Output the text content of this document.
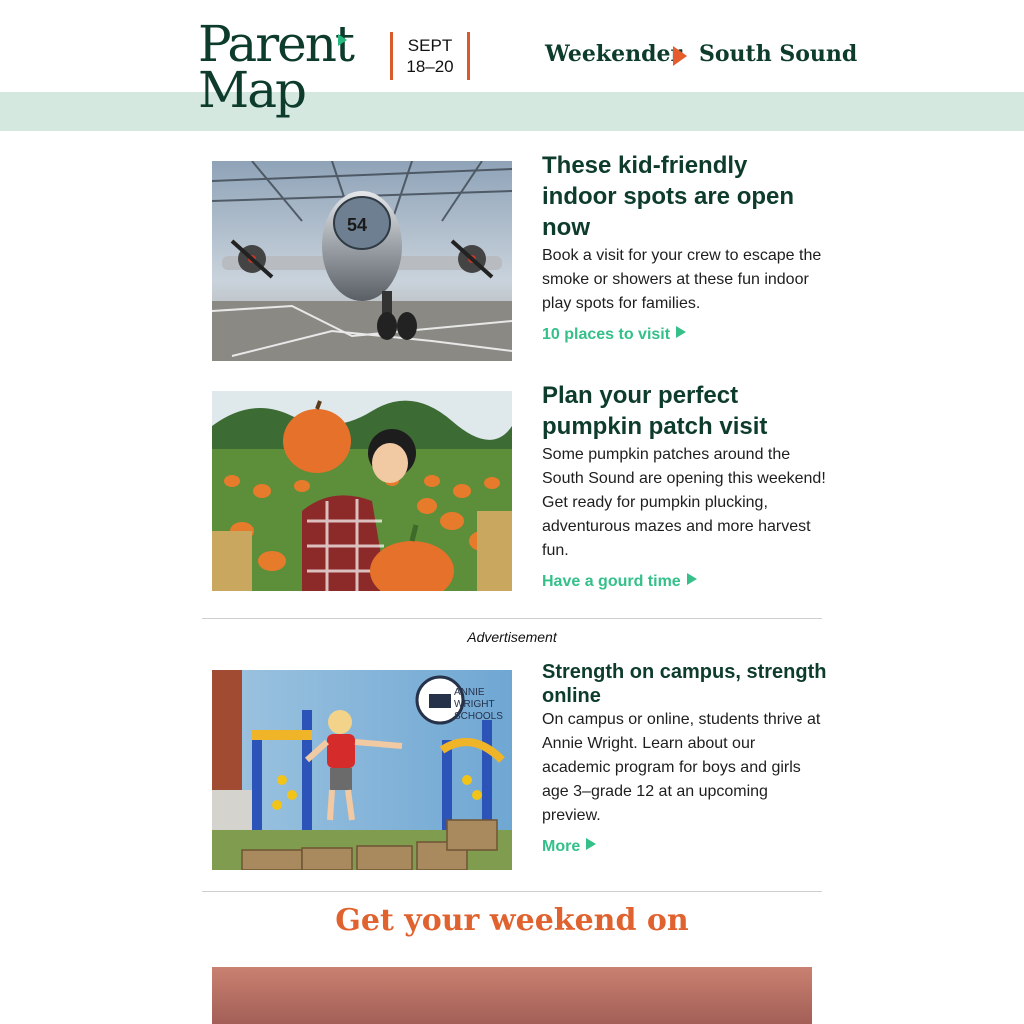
Parent
Map
SEPT
18–20	Weekender South Sound
54
These kid-friendly indoor spots are open now

Book a visit for your crew to escape the smoke or showers at these fun indoor play spots for families.

10 places to visit
Plan your perfect pumpkin patch visit

Some pumpkin patches around the South Sound are opening this weekend! Get ready for pumpkin plucking, adventurous mazes and more harvest fun.

Have a gourd time
Advertisement
ANNIE
WRIGHT
SCHOOLS
Strength on campus, strength online

On campus or online, students thrive at Annie Wright. Learn about our academic program for boys and girls age 3–grade 12 at an upcoming preview.

More
Get your weekend on
